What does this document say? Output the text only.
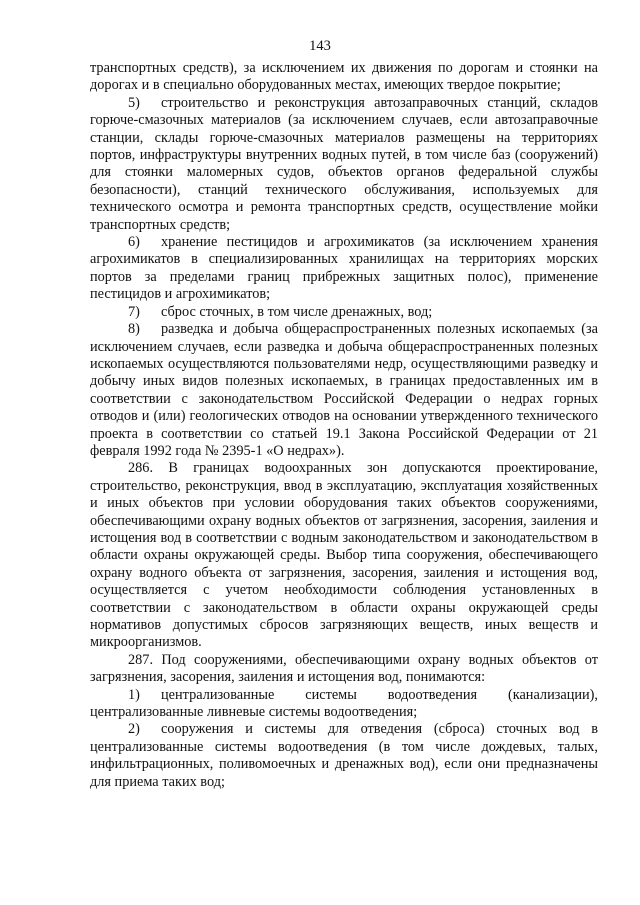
143

транспортных средств), за исключением их движения по дорогам и стоянки на дорогах и в специально оборудованных местах, имеющих твердое покрытие;

5) строительство и реконструкция автозаправочных станций, складов горюче-смазочных материалов (за исключением случаев, если автозаправочные станции, склады горюче-смазочных материалов размещены на территориях портов, инфраструктуры внутренних водных путей, в том числе баз (сооружений) для стоянки маломерных судов, объектов органов федеральной службы безопасности), станций технического обслуживания, используемых для технического осмотра и ремонта транспортных средств, осуществление мойки транспортных средств;

6) хранение пестицидов и агрохимикатов (за исключением хранения агрохимикатов в специализированных хранилищах на территориях морских портов за пределами границ прибрежных защитных полос), применение пестицидов и агрохимикатов;

7) сброс сточных, в том числе дренажных, вод;

8) разведка и добыча общераспространенных полезных ископаемых (за исключением случаев, если разведка и добыча общераспространенных полезных ископаемых осуществляются пользователями недр, осуществляющими разведку и добычу иных видов полезных ископаемых, в границах предоставленных им в соответствии с законодательством Российской Федерации о недрах горных отводов и (или) геологических отводов на основании утвержденного технического проекта в соответствии со статьей 19.1 Закона Российской Федерации от 21 февраля 1992 года № 2395-1 «О недрах»).

286. В границах водоохранных зон допускаются проектирование, строительство, реконструкция, ввод в эксплуатацию, эксплуатация хозяйственных и иных объектов при условии оборудования таких объектов сооружениями, обеспечивающими охрану водных объектов от загрязнения, засорения, заиления и истощения вод в соответствии с водным законодательством и законодательством в области охраны окружающей среды. Выбор типа сооружения, обеспечивающего охрану водного объекта от загрязнения, засорения, заиления и истощения вод, осуществляется с учетом необходимости соблюдения установленных в соответствии с законодательством в области охраны окружающей среды нормативов допустимых сбросов загрязняющих веществ, иных веществ и микроорганизмов.

287. Под сооружениями, обеспечивающими охрану водных объектов от загрязнения, засорения, заиления и истощения вод, понимаются:

1) централизованные системы водоотведения (канализации), централизованные ливневые системы водоотведения;

2) сооружения и системы для отведения (сброса) сточных вод в централизованные системы водоотведения (в том числе дождевых, талых, инфильтрационных, поливомоечных и дренажных вод), если они предназначены для приема таких вод;
